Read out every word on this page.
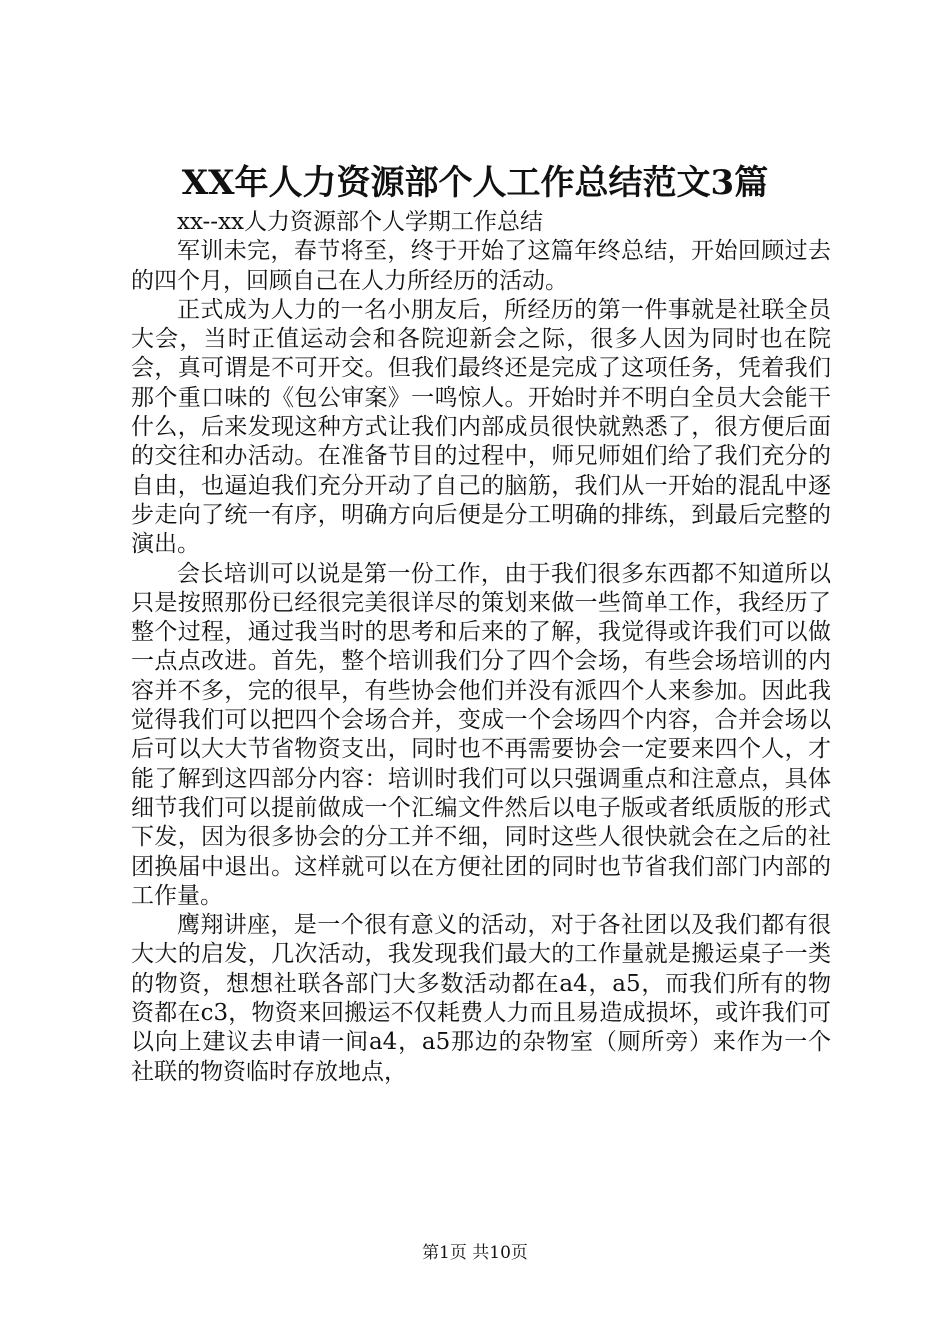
XX年人力资源部个人工作总结范文3篇

xx--xx人力资源部个人学期工作总结

军训未完，春节将至，终于开始了这篇年终总结，开始回顾过去的四个月，回顾自己在人力所经历的活动。

正式成为人力的一名小朋友后，所经历的第一件事就是社联全员大会，当时正值运动会和各院迎新会之际，很多人因为同时也在院会，真可谓是不可开交。但我们最终还是完成了这项任务，凭着我们那个重口味的《包公审案》一鸣惊人。开始时并不明白全员大会能干什么，后来发现这种方式让我们内部成员很快就熟悉了，很方便后面的交往和办活动。在准备节目的过程中，师兄师姐们给了我们充分的自由，也逼迫我们充分开动了自己的脑筋，我们从一开始的混乱中逐步走向了统一有序，明确方向后便是分工明确的排练，到最后完整的演出。

会长培训可以说是第一份工作，由于我们很多东西都不知道所以只是按照那份已经很完美很详尽的策划来做一些简单工作，我经历了整个过程，通过我当时的思考和后来的了解，我觉得或许我们可以做一点点改进。首先，整个培训我们分了四个会场，有些会场培训的内容并不多，完的很早，有些协会他们并没有派四个人来参加。因此我觉得我们可以把四个会场合并，变成一个会场四个内容，合并会场以后可以大大节省物资支出，同时也不再需要协会一定要来四个人，才能了解到这四部分内容：培训时我们可以只强调重点和注意点，具体细节我们可以提前做成一个汇编文件然后以电子版或者纸质版的形式下发，因为很多协会的分工并不细，同时这些人很快就会在之后的社团换届中退出。这样就可以在方便社团的同时也节省我们部门内部的工作量。

鹰翔讲座，是一个很有意义的活动，对于各社团以及我们都有很大大的启发，几次活动，我发现我们最大的工作量就是搬运桌子一类的物资，想想社联各部门大多数活动都在a4，a5，而我们所有的物资都在c3，物资来回搬运不仅耗费人力而且易造成损坏，或许我们可以向上建议去申请一间a4，a5那边的杂物室（厕所旁）来作为一个社联的物资临时存放地点，

第1页 共10页
